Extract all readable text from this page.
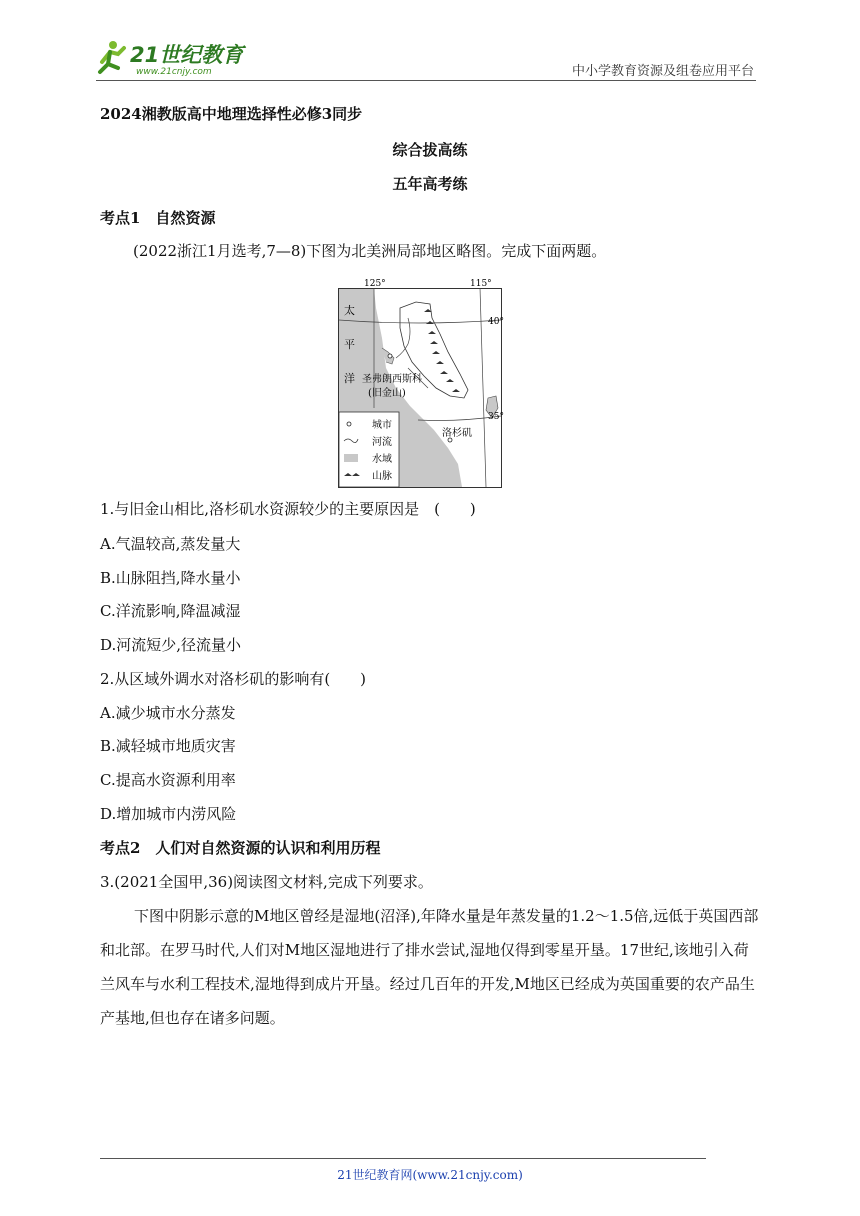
21世纪教育
www.21cnjy.com	中小学教育资源及组卷应用平台
2024湘教版高中地理选择性必修3同步
综合拔高练
五年高考练
考点1　自然资源
(2022浙江1月选考,7—8)下图为北美洲局部地区略图。完成下面两题。
125°	115°
40°
35°
太
平
洋 圣弗朗西斯科
(旧金山)
洛杉矶
城市
河流
水域
山脉
1.与旧金山相比,洛杉矶水资源较少的主要原因是　(　　)
A.气温较高,蒸发量大
B.山脉阻挡,降水量小
C.洋流影响,降温减湿
D.河流短少,径流量小
2.从区域外调水对洛杉矶的影响有(　　)
A.减少城市水分蒸发
B.减轻城市地质灾害
C.提高水资源利用率
D.增加城市内涝风险
考点2　人们对自然资源的认识和利用历程
3.(2021全国甲,36)阅读图文材料,完成下列要求。
下图中阴影示意的M地区曾经是湿地(沼泽),年降水量是年蒸发量的1.2～1.5倍,远低于英国西部和北部。在罗马时代,人们对M地区湿地进行了排水尝试,湿地仅得到零星开垦。17世纪,该地引入荷兰风车与水利工程技术,湿地得到成片开垦。经过几百年的开发,M地区已经成为英国重要的农产品生产基地,但也存在诸多问题。
21世纪教育网(www.21cnjy.com)
